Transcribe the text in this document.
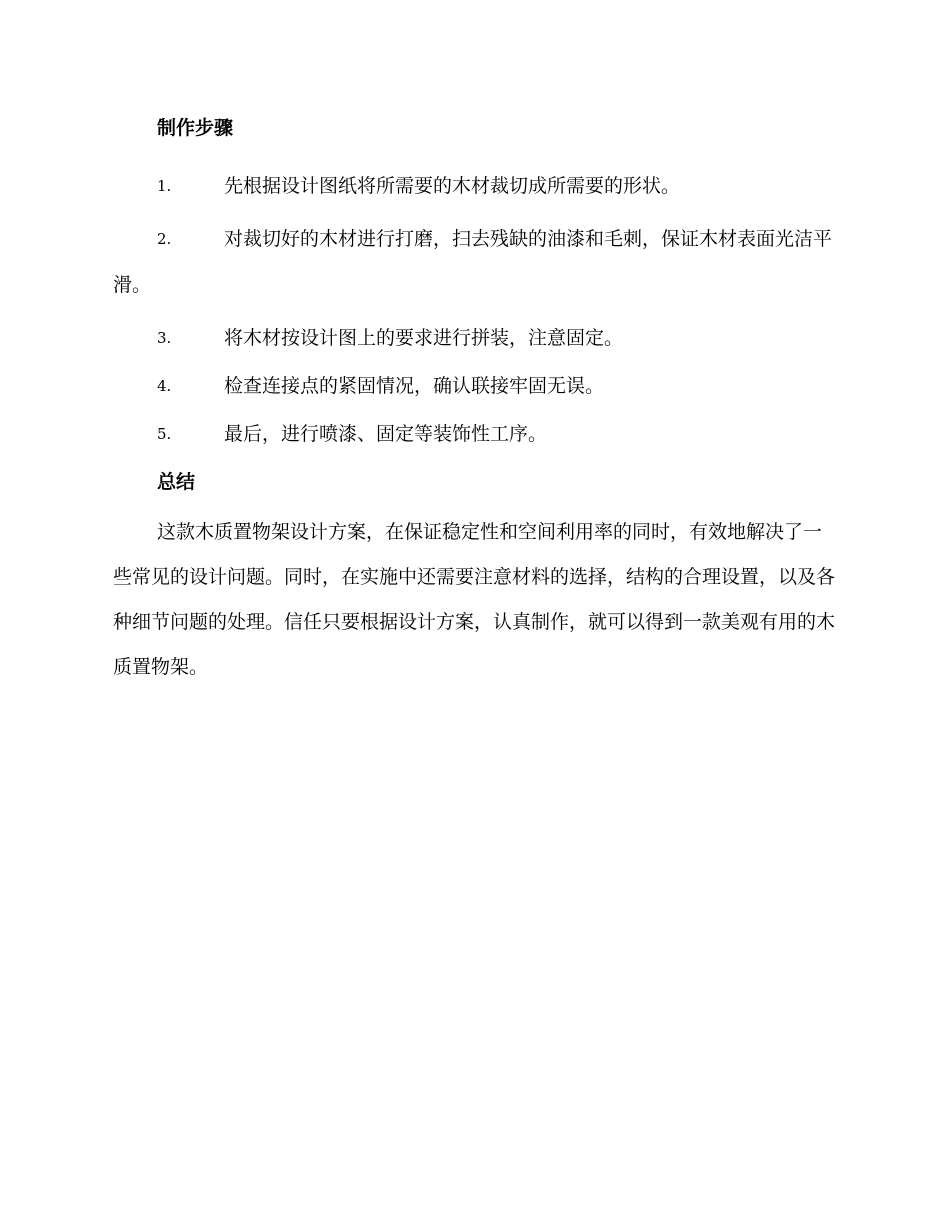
制作步骤
1.	先根据设计图纸将所需要的木材裁切成所需要的形状。
2.	对裁切好的木材进行打磨，扫去残缺的油漆和毛刺，保证木材表面光洁平滑。
3.	将木材按设计图上的要求进行拼装，注意固定。
4.	检查连接点的紧固情况，确认联接牢固无误。
5.	最后，进行喷漆、固定等装饰性工序。
总结

这款木质置物架设计方案，在保证稳定性和空间利用率的同时，有效地解决了一些常见的设计问题。同时，在实施中还需要注意材料的选择，结构的合理设置，以及各种细节问题的处理。信任只要根据设计方案，认真制作，就可以得到一款美观有用的木质置物架。
